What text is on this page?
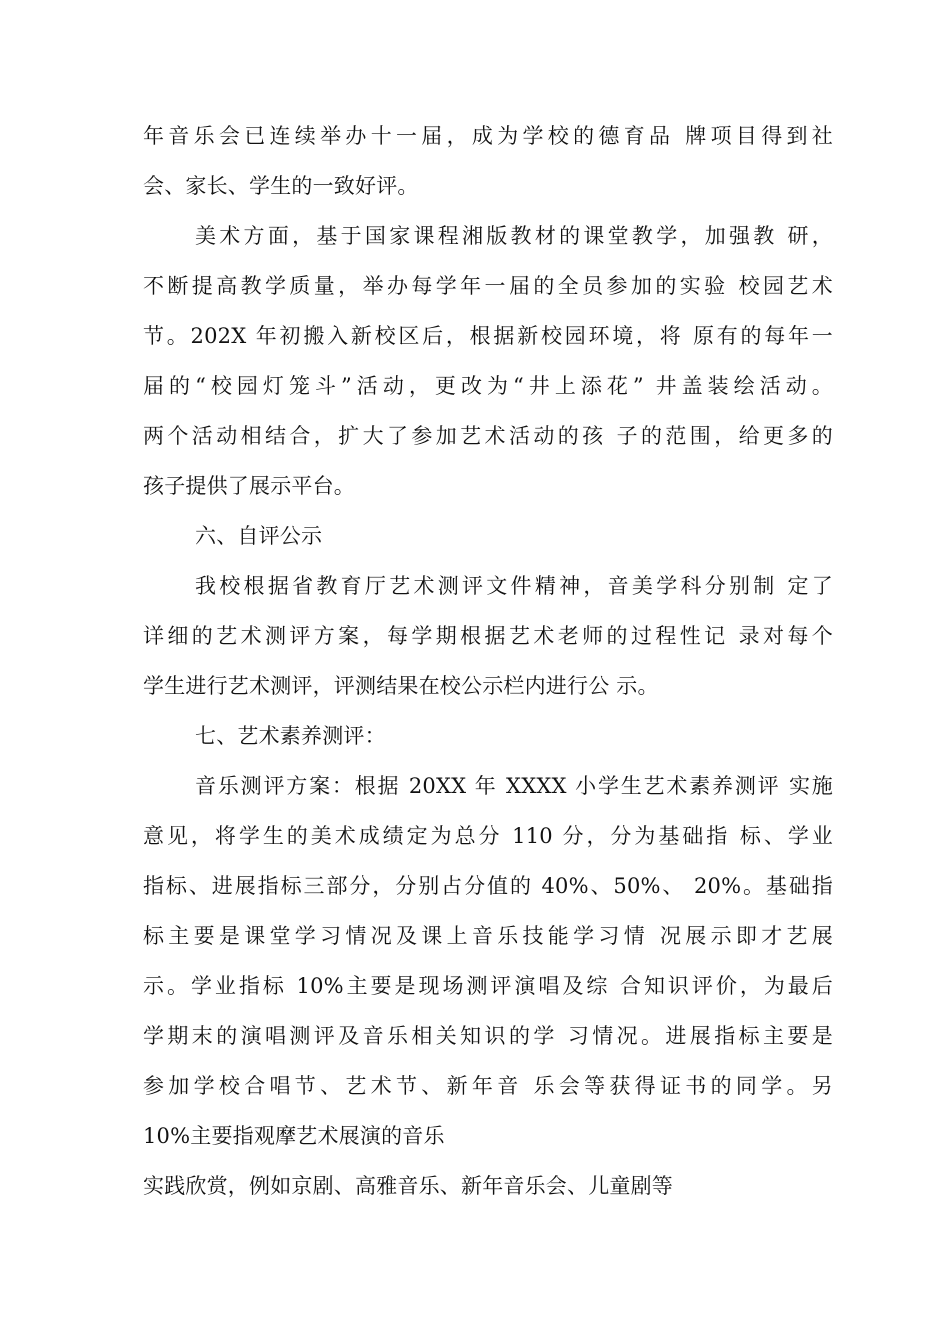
年音乐会已连续举办十一届，成为学校的德育品 牌项目得到社
会、家长、学生的一致好评。
美术方面，基于国家课程湘版教材的课堂教学，加强教 研，
不断提高教学质量，举办每学年一届的全员参加的实验 校园艺术
节。202X 年初搬入新校区后，根据新校园环境，将 原有的每年一
届的“校园灯笼斗”活动，更改为“井上添花” 井盖装绘活动。
两个活动相结合，扩大了参加艺术活动的孩 子的范围，给更多的
孩子提供了展示平台。
六、自评公示
我校根据省教育厅艺术测评文件精神，音美学科分别制 定了
详细的艺术测评方案，每学期根据艺术老师的过程性记 录对每个
学生进行艺术测评，评测结果在校公示栏内进行公 示。
七、艺术素养测评：
音乐测评方案：根据 20XX 年 XXXX 小学生艺术素养测评 实施
意见，将学生的美术成绩定为总分 110 分，分为基础指 标、学业
指标、进展指标三部分，分别占分值的 40%、50%、 20%。基础指
标主要是课堂学习情况及课上音乐技能学习情 况展示即才艺展
示。学业指标 10%主要是现场测评演唱及综 合知识评价，为最后
学期末的演唱测评及音乐相关知识的学 习情况。进展指标主要是
参加学校合唱节、艺术节、新年音 乐会等获得证书的同学。另
10%主要指观摩艺术展演的音乐
实践欣赏，例如京剧、高雅音乐、新年音乐会、儿童剧等
